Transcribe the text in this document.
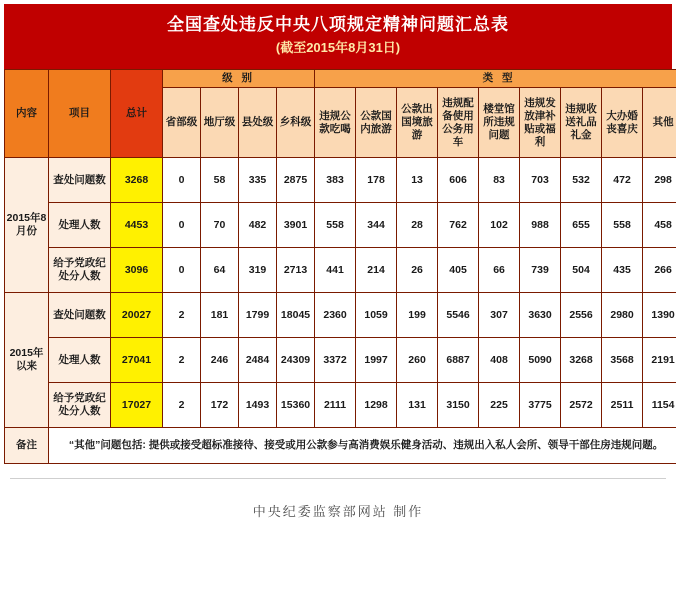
全国查处违反中央八项规定精神问题汇总表
(截至2015年8月31日)
内容	项目	总计	级 别				类 型								
			省部级	地厅级	县处级	乡科级	违规公款吃喝	公款国内旅游	公款出国境旅游	违规配备使用公务用车	楼堂馆所违规问题	违规发放津补贴或福利	违规收送礼品礼金	大办婚丧喜庆	其他
2015年8月份	查处问题数	3268	0	58	335	2875	383	178	13	606	83	703	532	472	298
	处理人数	4453	0	70	482	3901	558	344	28	762	102	988	655	558	458
	给予党政纪处分人数	3096	0	64	319	2713	441	214	26	405	66	739	504	435	266
2015年以来	查处问题数	20027	2	181	1799	18045	2360	1059	199	5546	307	3630	2556	2980	1390
	处理人数	27041	2	246	2484	24309	3372	1997	260	6887	408	5090	3268	3568	2191
	给予党政纪处分人数	17027	2	172	1493	15360	2111	1298	131	3150	225	3775	2572	2511	1154
备注	“其他”问题包括: 提供或接受超标准接待、接受或用公款参与高消费娱乐健身活动、违规出入私人会所、领导干部住房违规问题。														
中央纪委监察部网站 制作
